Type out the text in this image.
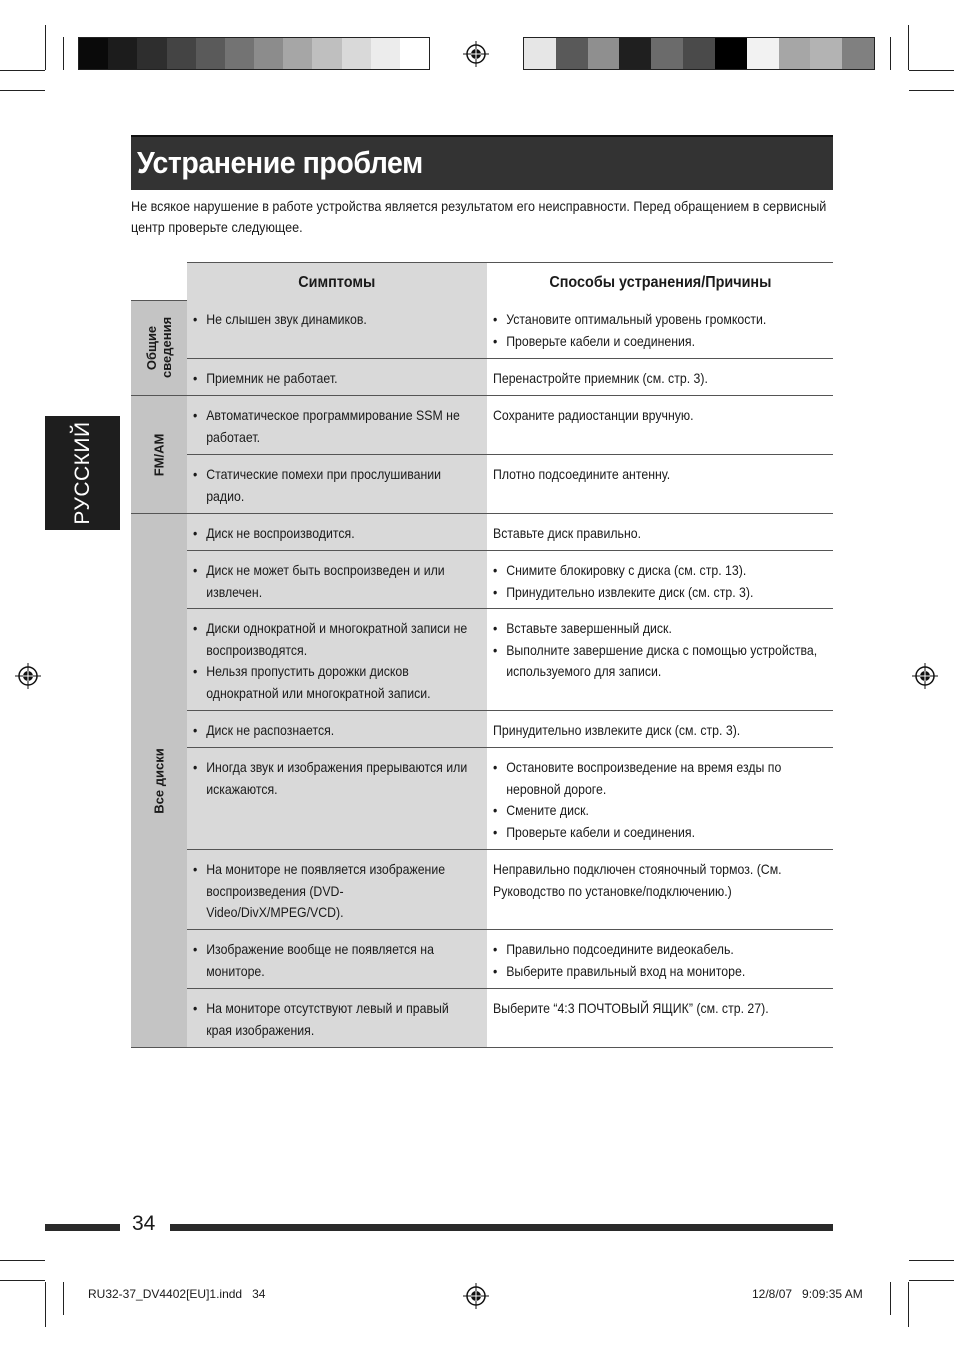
Устранение проблем
Не всякое нарушение в работе устройства является результатом его неисправности. Перед обращением в сервисный центр проверьте следующее.
РУССКИЙ
Симптомы	Способы устранения/Причины
• Не слышен звук динамиков.
•	Установите оптимальный уровень громкости.
• Проверьте кабели и соединения.
• Приемник не работает.	Перенастройте приемник (см. стр. 3).
• Автоматическое программирование SSM не работает.
Сохраните радиостанции вручную.
• Статические помехи при прослушивании радио.
Плотно подсоедините антенну.
• Диск не воспроизводится.	Вставьте диск правильно.
• Диск не может быть воспроизведен и или извлечен.
• Снимите блокировку с диска (см. стр. 13).
• Принудительно извлеките диск (см. стр. 3).
• Диски однократной и многократной записи не воспроизводятся.
• Нельзя пропустить дорожки дисков однократной или многократной записи.
• Вставьте завершенный диск.
• Выполните завершение диска с помощью устройства, используемого для записи.
• Диск не распознается.	Принудительно извлеките диск (см. стр. 3).
• Иногда звук и изображения прерываются или искажаются.
• Остановите воспроизведение на время езды по неровной дороге.
• Смените диск.
• Проверьте кабели и соединения.
• На мониторе не появляется изображение воспроизведения (DVD-Video/DivX/MPEG/VCD).
Неправильно подключен стояночный тормоз. (См. Руководство по установке/подключению.)
• Изображение вообще не появляется на мониторе.
• Правильно подсоедините видеокабель.
• Выберите правильный вход на мониторе.
• На мониторе отсутствуют левый и правый края изображения.
Выберите “4:3 ПОЧТОВЫЙ ЯЩИК” (см. стр. 27).
Общие сведения
FM/AM
Все диски
34
RU32-37_DV4402[EU]1.indd   34	12/8/07   9:09:35 AM
